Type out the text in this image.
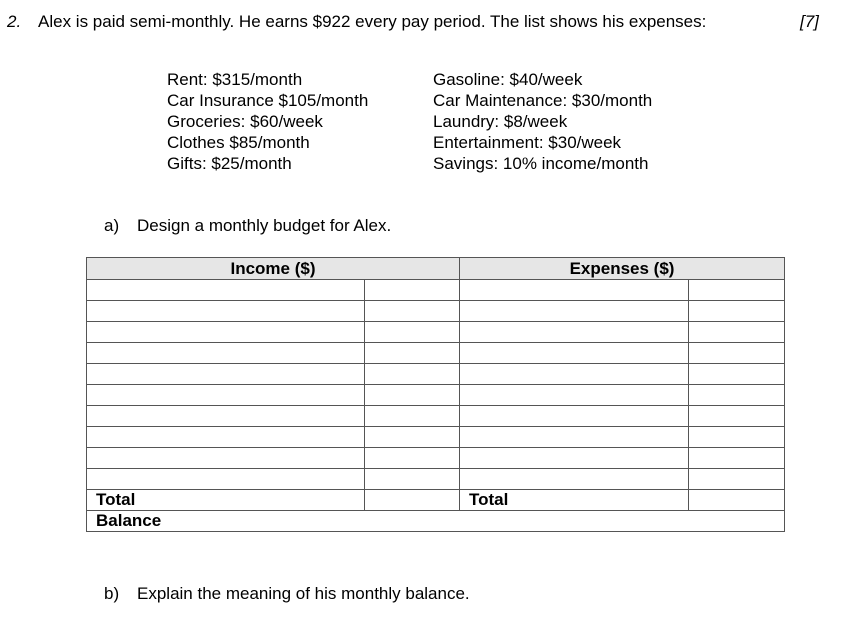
2. Alex is paid semi-monthly. He earns $922 every pay period. The list shows his expenses:	[7]
Rent: $315/month
Car Insurance $105/month
Groceries: $60/week
Clothes $85/month
Gifts: $25/month
Gasoline: $40/week
Car Maintenance: $30/month
Laundry: $8/week
Entertainment: $30/week
Savings: 10% income/month
a) Design a monthly budget for Alex.
Income ($)		Expenses ($)	

Total		Total	
Balance			
b) Explain the meaning of his monthly balance.
